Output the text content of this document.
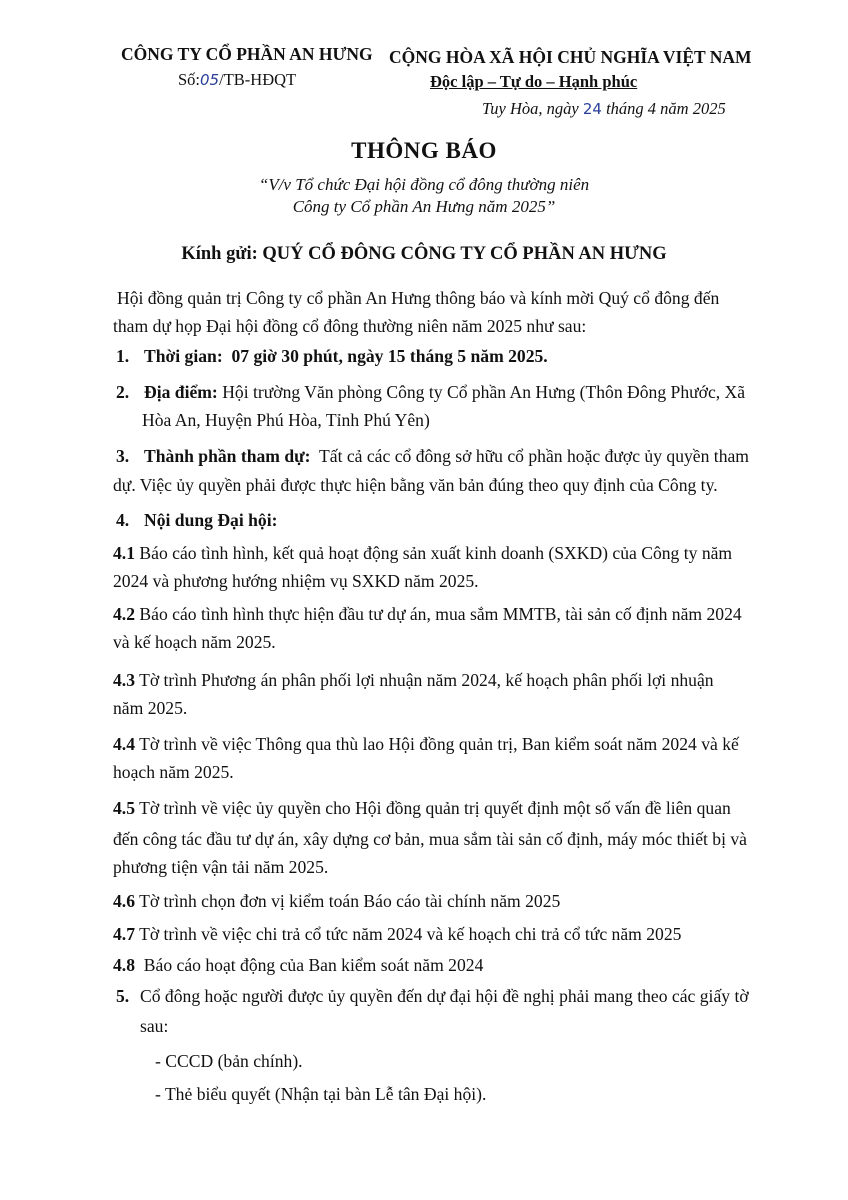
CÔNG TY CỔ PHẦN AN HƯNG
Số:05/TB-HĐQT
CỘNG HÒA XÃ HỘI CHỦ NGHĨA VIỆT NAM
Độc lập – Tự do – Hạnh phúc
Tuy Hòa, ngày 24 tháng 4 năm 2025
THÔNG BÁO
“V/v Tổ chức Đại hội đồng cổ đông thường niên
Công ty Cổ phần An Hưng năm 2025”
Kính gửi: QUÝ CỔ ĐÔNG CÔNG TY CỔ PHẦN AN HƯNG
Hội đồng quản trị Công ty cổ phần An Hưng thông báo và kính mời Quý cổ đông đến
tham dự họp Đại hội đồng cổ đông thường niên năm 2025 như sau:
1. Thời gian: 07 giờ 30 phút, ngày 15 tháng 5 năm 2025.
2. Địa điểm: Hội trường Văn phòng Công ty Cổ phần An Hưng (Thôn Đông Phước, Xã
Hòa An, Huyện Phú Hòa, Tỉnh Phú Yên)
3. Thành phần tham dự: Tất cả các cổ đông sở hữu cổ phần hoặc được ủy quyền tham
dự. Việc ủy quyền phải được thực hiện bằng văn bản đúng theo quy định của Công ty.
4. Nội dung Đại hội:
4.1 Báo cáo tình hình, kết quả hoạt động sản xuất kinh doanh (SXKD) của Công ty năm
2024 và phương hướng nhiệm vụ SXKD năm 2025.
4.2 Báo cáo tình hình thực hiện đầu tư dự án, mua sắm MMTB, tài sản cố định năm 2024
và kế hoạch năm 2025.
4.3 Tờ trình Phương án phân phối lợi nhuận năm 2024, kế hoạch phân phối lợi nhuận
năm 2025.
4.4 Tờ trình về việc Thông qua thù lao Hội đồng quản trị, Ban kiểm soát năm 2024 và kế
hoạch năm 2025.
4.5 Tờ trình về việc ủy quyền cho Hội đồng quản trị quyết định một số vấn đề liên quan
đến công tác đầu tư dự án, xây dựng cơ bản, mua sắm tài sản cố định, máy móc thiết bị và
phương tiện vận tải năm 2025.
4.6 Tờ trình chọn đơn vị kiểm toán Báo cáo tài chính năm 2025
4.7 Tờ trình về việc chi trả cổ tức năm 2024 và kế hoạch chi trả cổ tức năm 2025
4.8 Báo cáo hoạt động của Ban kiểm soát năm 2024
5. Cổ đông hoặc người được ủy quyền đến dự đại hội đề nghị phải mang theo các giấy tờ
sau:
- CCCD (bản chính).
- Thẻ biểu quyết (Nhận tại bàn Lễ tân Đại hội).
